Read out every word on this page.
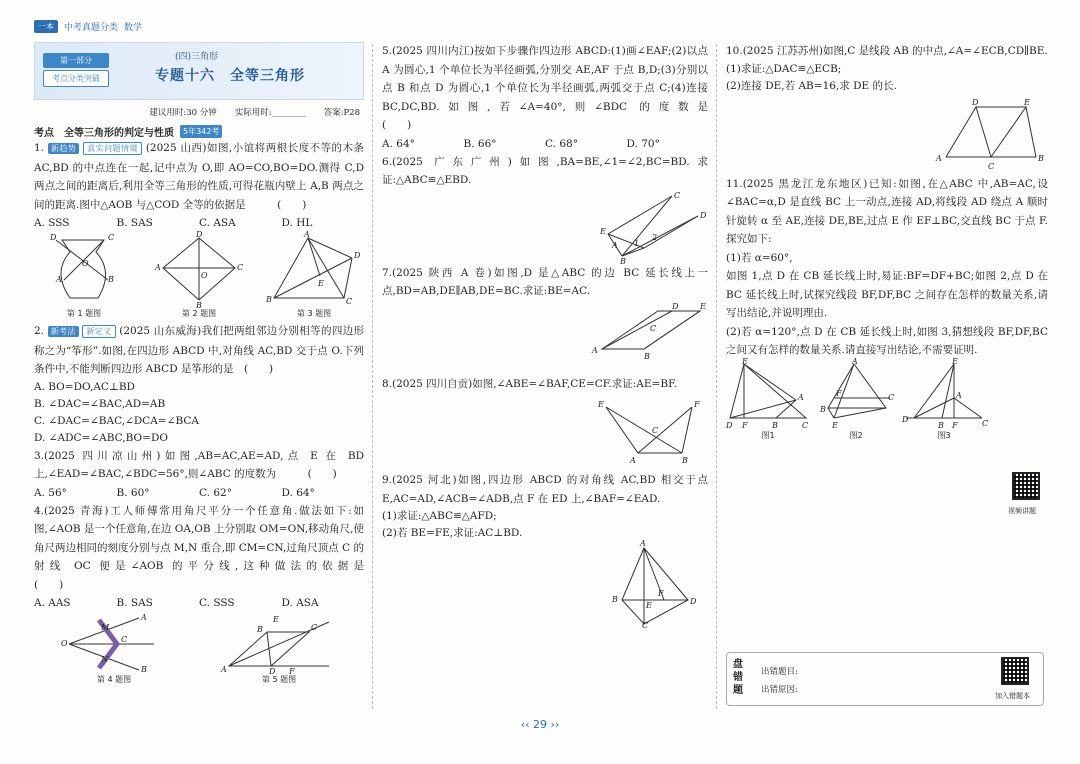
一本	中考真题分类 数学
第一部分
考点分类突破
(四)三角形
专题十六　全等三角形
建议用时:30 分钟 实际用时:________ 答案:P28
考点　全等三角形的判定与性质	5年342考

1. 新趋势 真实问题情境 (2025 山西)如图,小谊将两根长度不等的木条 AC,BD 的中点连在一起,记中点为 O,即 AO=CO,BO=DO.测得 C,D 两点之间的距离后,利用全等三角形的性质,可得花瓶内壁上 A,B 两点之间的距离.图中△AOB 与△COD 全等的依据是　　　(　　)

A. SSS	B. SAS	C. ASA	D. HL
D	C
A	B
O
第 1 题图
D
C
B
A
O
第 2 题图
A
B	C
D
E
第 3 题图

2. 新考法 新定义 (2025 山东威海)我们把两组邻边分别相等的四边形称之为“筝形”.如图,在四边形 ABCD 中,对角线 AC,BD 交于点 O.下列条件中,不能判断四边形 ABCD 是筝形的是　(　　)

A. BO=DO,AC⊥BD
B. ∠DAC=∠BAC,AD=AB
C. ∠DAC=∠BAC,∠DCA=∠BCA
D. ∠ADC=∠ABC,BO=DO

3.(2025 四川凉山州)如图,AB=AC,AE=AD,点 E 在 BD 上,∠EAD=∠BAC,∠BDC=56°,则∠ABC 的度数为　　　(　　)

A. 56°	B. 60°	C. 62°	D. 64°

4.(2025 青海)工人师傅常用角尺平分一个任意角.做法如下:如图,∠AOB 是一个任意角,在边 OA,OB 上分别取 OM=ON,移动角尺,使角尺两边相同的刻度分别与点 M,N 重合,即 CM=CN,过角尺顶点 C 的射线 OC 便是∠AOB 的平分线,这种做法的依据是　　　　　　　　　　　　　　　　　　　(　　)

A. AAS	B. SAS	C. SSS	D. ASA
O
A
B
C
M
N
第 4 题图
A
B	C
D
E
F
第 5 题图

5.(2025 四川内江)按如下步骤作四边形 ABCD:(1)画∠EAF;(2)以点 A 为圆心,1 个单位长为半径画弧,分别交 AE,AF 于点 B,D;(3)分别以点 B 和点 D 为圆心,1 个单位长为半径画弧,两弧交于点 C;(4)连接 BC,DC,BD.如图,若∠A=40°,则∠BDC 的度数是　　　　　　　　　　　(　　)

A. 64°	B. 66°	C. 68°	D. 70°

6.(2025 广东广州)如图,BA=BE,∠1=∠2,BC=BD.求证:△ABC≌△EBD.

C
D
E
A
B
1
2

7.(2025 陕西 A 卷)如图,D 是△ABC 的边 BC 延长线上一点,BD=AB,DE∥AB,DE=BC.求证:BE=AC.

A
B
C
D	E

8.(2025 四川自贡)如图,∠ABE=∠BAF,CE=CF.求证:AE=BF.

E	F
C
A	B

9.(2025 河北)如图,四边形 ABCD 的对角线 AC,BD 相交于点 E,AC=AD,∠ACB=∠ADB,点 F 在 ED 上,∠BAF=∠EAD.

(1)求证:△ABC≌△AFD;
(2)若 BE=FE,求证:AC⊥BD.
A
B
C
D
E
F

10.(2025 江苏苏州)如图,C 是线段 AB 的中点,∠A=∠ECB,CD∥BE.

(1)求证:△DAC≌△ECB;
(2)连接 DE,若 AB=16,求 DE 的长.
A
C
B
D	E

11.(2025 黑龙江龙东地区)已知:如图,在△ABC 中,AB=AC,设∠BAC=α,D 是直线 BC 上一动点,连接 AD,将线段 AD 绕点 A 顺时针旋转 α 至 AE,连接 DE,BE,过点 E 作 EF⊥BC,交直线 BC 于点 F.探究如下:

(1)若 α=60°,

如图 1,点 D 在 CB 延长线上时,易证:BF=DF+BC;如图 2,点 D 在 BC 延长线上时,试探究线段 BF,DF,BC 之间存在怎样的数量关系,请写出结论,并说明理由.

(2)若 α=120°,点 D 在 CB 延长线上时,如图 3,猜想线段 BF,DF,BC 之间又有怎样的数量关系.请直接写出结论,不需要证明.

E
A
D F	B	C
图1
A
B
C
E
F
图2
E
D
B F	C
A
图3
视频讲题
盘错题
出错题目:
出错原因:
加入错题本
‹‹ 29 ››
